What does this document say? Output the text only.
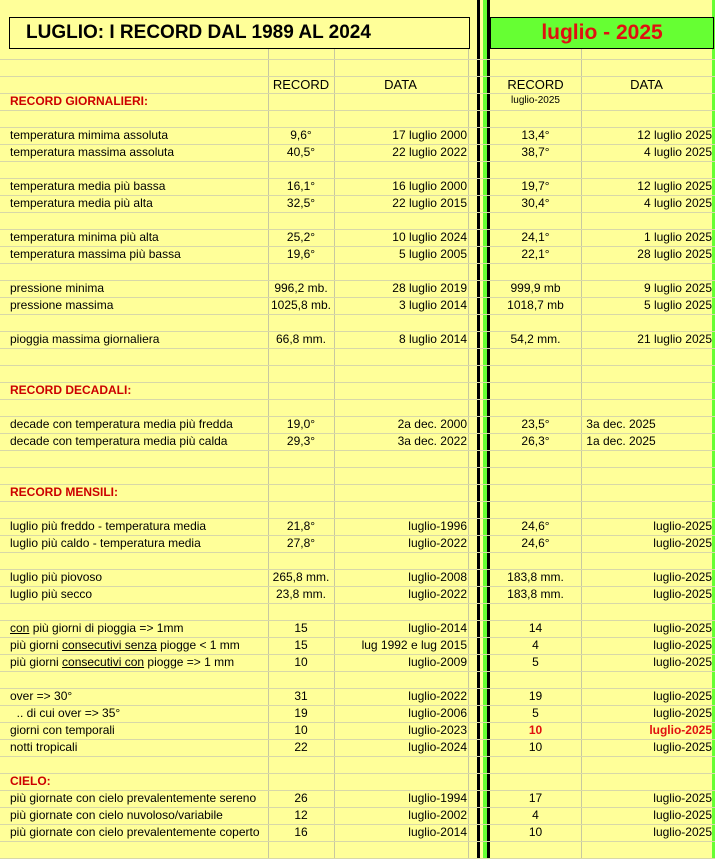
LUGLIO: I RECORD DAL 1989 AL 2024	luglio - 2025
RECORD	DATA	RECORD	DATA
luglio-2025
RECORD GIORNALIERI:
RECORD DECADALI:
RECORD MENSILI:
CIELO:
temperatura mimima assoluta	9,6°	17 luglio 2000	13,4°	12 luglio 2025
temperatura massima assoluta	40,5°	22 luglio 2022	38,7°	4 luglio 2025
temperatura media più bassa	16,1°	16 luglio 2000	19,7°	12 luglio 2025
temperatura media più alta	32,5°	22 luglio 2015	30,4°	4 luglio 2025
temperatura minima più alta	25,2°	10 luglio 2024	24,1°	1 luglio 2025
temperatura massima più bassa	19,6°	5 luglio 2005	22,1°	28 luglio 2025
pressione minima	996,2 mb.	28 luglio 2019	999,9 mb	9 luglio 2025
pressione massima	1025,8 mb.	3 luglio 2014	1018,7 mb	5 luglio 2025
pioggia massima giornaliera	66,8 mm.	8 luglio 2014	54,2 mm.	21 luglio 2025
decade con temperatura media più fredda	19,0°	2a dec. 2000	23,5°	3a dec. 2025
decade con temperatura media più calda	29,3°	3a dec. 2022	26,3°	1a dec. 2025
luglio più freddo - temperatura media	21,8°	luglio-1996	24,6°	luglio-2025
luglio più caldo - temperatura media	27,8°	luglio-2022	24,6°	luglio-2025
luglio più piovoso	265,8 mm.	luglio-2008	183,8 mm.	luglio-2025
luglio più secco	23,8 mm.	luglio-2022	183,8 mm.	luglio-2025
con più giorni di pioggia => 1mm	15	luglio-2014	14	luglio-2025
più giorni consecutivi senza piogge < 1 mm	15	lug 1992 e lug 2015	4	luglio-2025
più giorni consecutivi con piogge => 1 mm	10	luglio-2009	5	luglio-2025
over => 30°	31	luglio-2022	19	luglio-2025
.. di cui over => 35°	19	luglio-2006	5	luglio-2025
giorni con temporali	10	luglio-2023	10	luglio-2025
notti tropicali	22	luglio-2024	10	luglio-2025
più giornate con cielo prevalentemente sereno	26	luglio-1994	17	luglio-2025
più giornate con cielo nuvoloso/variabile	12	luglio-2002	4	luglio-2025
più giornate con cielo prevalentemente coperto	16	luglio-2014	10	luglio-2025
